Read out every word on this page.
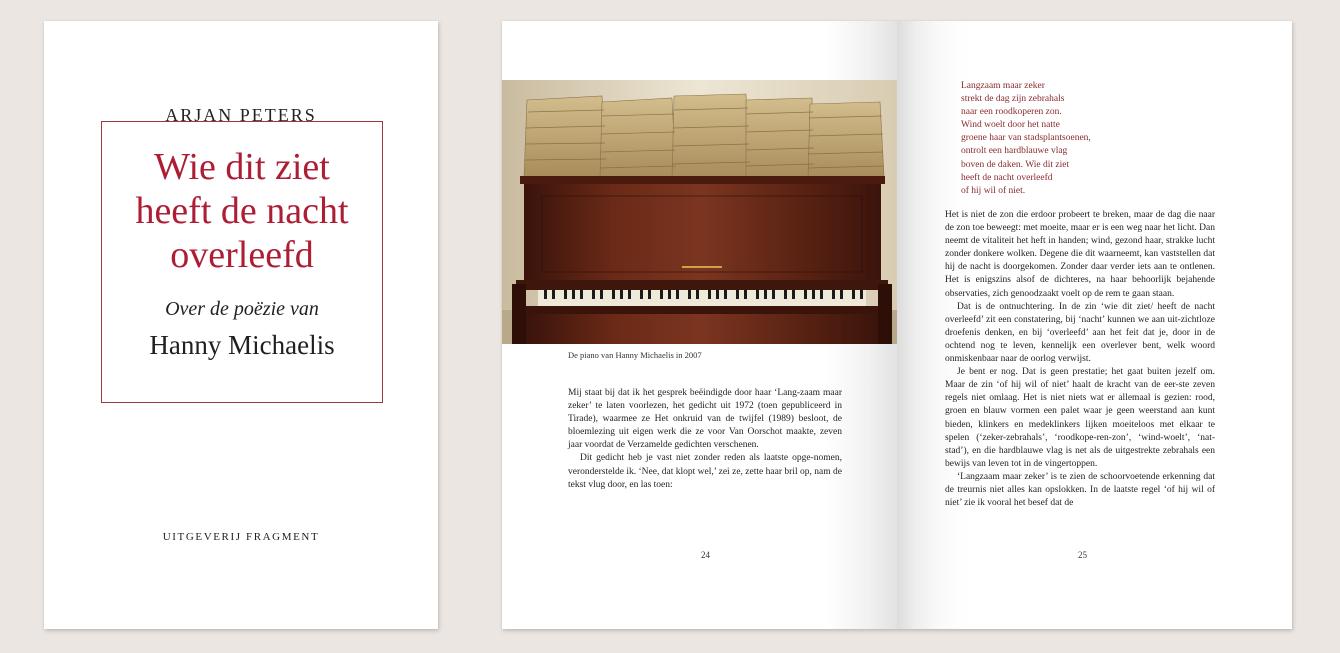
ARJAN PETERS
Wie dit ziet
heeft de nacht
overleefd
Over de poëzie van
Hanny Michaelis
UITGEVERIJ FRAGMENT
De piano van Hanny Michaelis in 2007

Mij staat bij dat ik het gesprek beëindigde door haar ‘Lang-zaam maar zeker’ te laten voorlezen, het gedicht uit 1972 (toen gepubliceerd in Tirade), waarmee ze Het onkruid van de twijfel (1989) besloot, de bloemlezing uit eigen werk die ze voor Van Oorschot maakte, zeven jaar voordat de Verzamelde gedichten verschenen.

Dit gedicht heb je vast niet zonder reden als laatste opge-nomen, veronderstelde ik. ‘Nee, dat klopt wel,’ zei ze, zette haar bril op, nam de tekst vlug door, en las toen:

24
Langzaam maar zeker
strekt de dag zijn zebrahals
naar een roodkoperen zon.
Wind woelt door het natte
groene haar van stadsplantsoenen,
ontrolt een hardblauwe vlag
boven de daken. Wie dit ziet
heeft de nacht overleefd
of hij wil of niet.

Het is niet de zon die erdoor probeert te breken, maar de dag die naar de zon toe beweegt: met moeite, maar er is een weg naar het licht. Dan neemt de vitaliteit het heft in handen; wind, gezond haar, strakke lucht zonder donkere wolken. Degene die dit waarneemt, kan vaststellen dat hij de nacht is doorgekomen. Zonder daar verder iets aan te ontlenen. Het is enigszins alsof de dichteres, na haar behoorlijk bejahende observaties, zich genoodzaakt voelt op de rem te gaan staan.

Dat is de ontnuchtering. In de zin ‘wie dit ziet/ heeft de nacht overleefd’ zit een constatering, bij ‘nacht’ kunnen we aan uit-zichtloze droefenis denken, en bij ‘overleefd’ aan het feit dat je, door in de ochtend nog te leven, kennelijk een overlever bent, welk woord onmiskenbaar naar de oorlog verwijst.

Je bent er nog. Dat is geen prestatie; het gaat buiten jezelf om. Maar de zin ‘of hij wil of niet’ haalt de kracht van de eer-ste zeven regels niet omlaag. Het is niet niets wat er allemaal is gezien: rood, groen en blauw vormen een palet waar je geen weerstand aan kunt bieden, klinkers en medeklinkers lijken moeiteloos met elkaar te spelen (‘zeker-zebrahals’, ‘roodkope-ren-zon’, ‘wind-woelt’, ‘nat-stad’), en die hardblauwe vlag is net als de uitgestrekte zebrahals een bewijs van leven tot in de vingertoppen.

‘Langzaam maar zeker’ is te zien de schoorvoetende erkenning dat de treurnis niet alles kan opslokken. In de laatste regel ‘of hij wil of niet’ zie ik vooral het besef dat de

25
